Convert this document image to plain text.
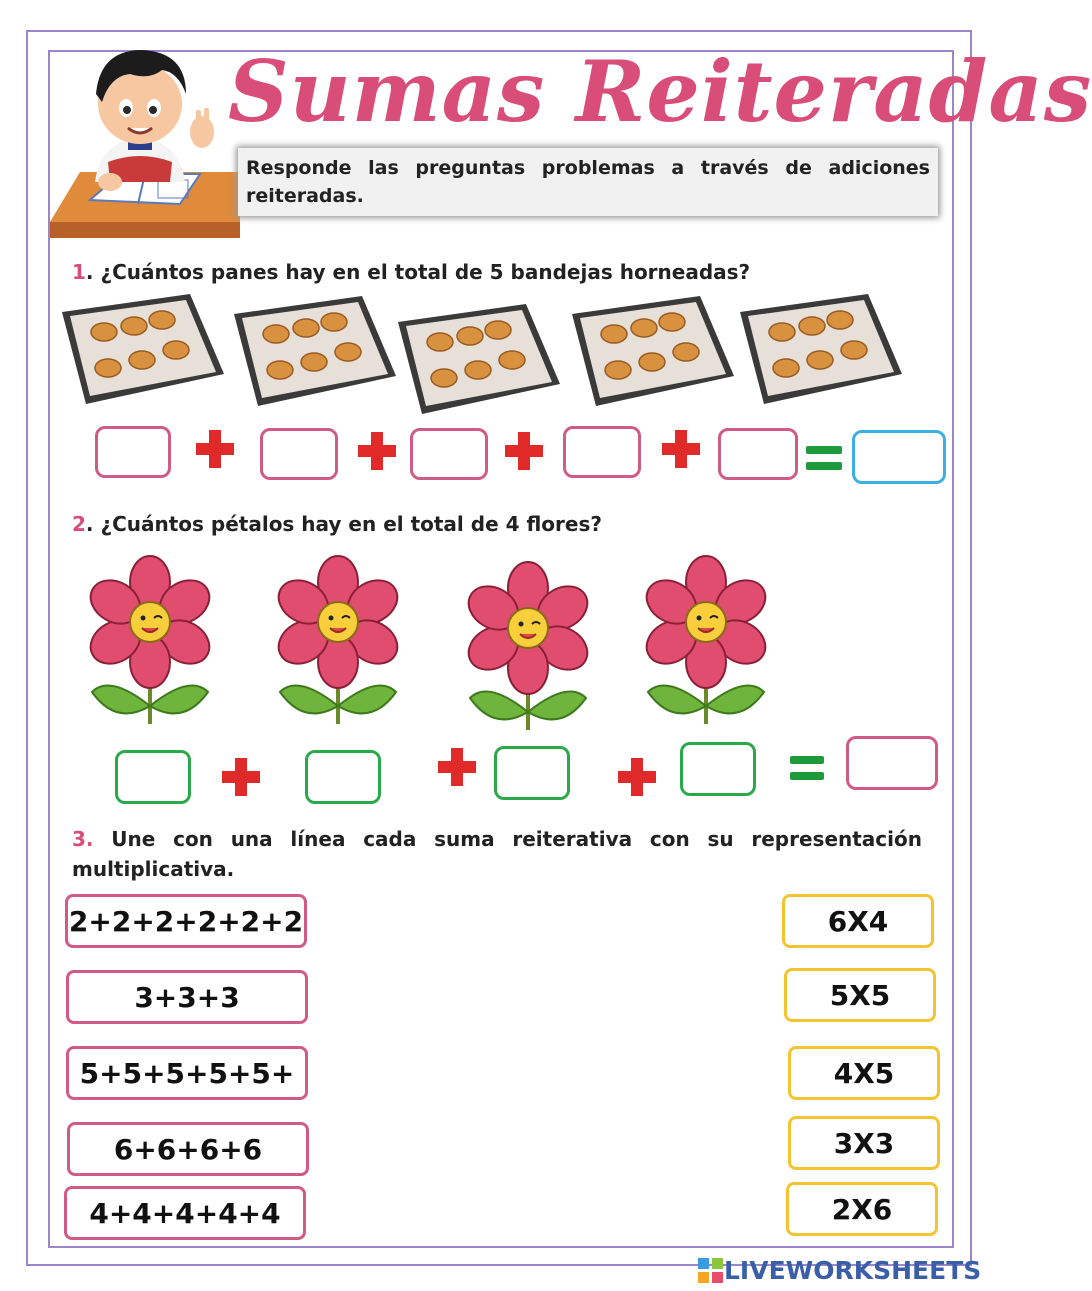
Sumas Reiteradas
Responde las preguntas problemas a través de adiciones reiteradas.
1. ¿Cuántos panes hay en el total de 5 bandejas horneadas?
2. ¿Cuántos pétalos hay en el total de 4 flores?
3. Une con una línea cada suma reiterativa con su representación multiplicativa.
2+2+2+2+2+2
3+3+3
5+5+5+5+5+
6+6+6+6
4+4+4+4+4
6X4
5X5
4X5
3X3
2X6
LIVEWORKSHEETS
